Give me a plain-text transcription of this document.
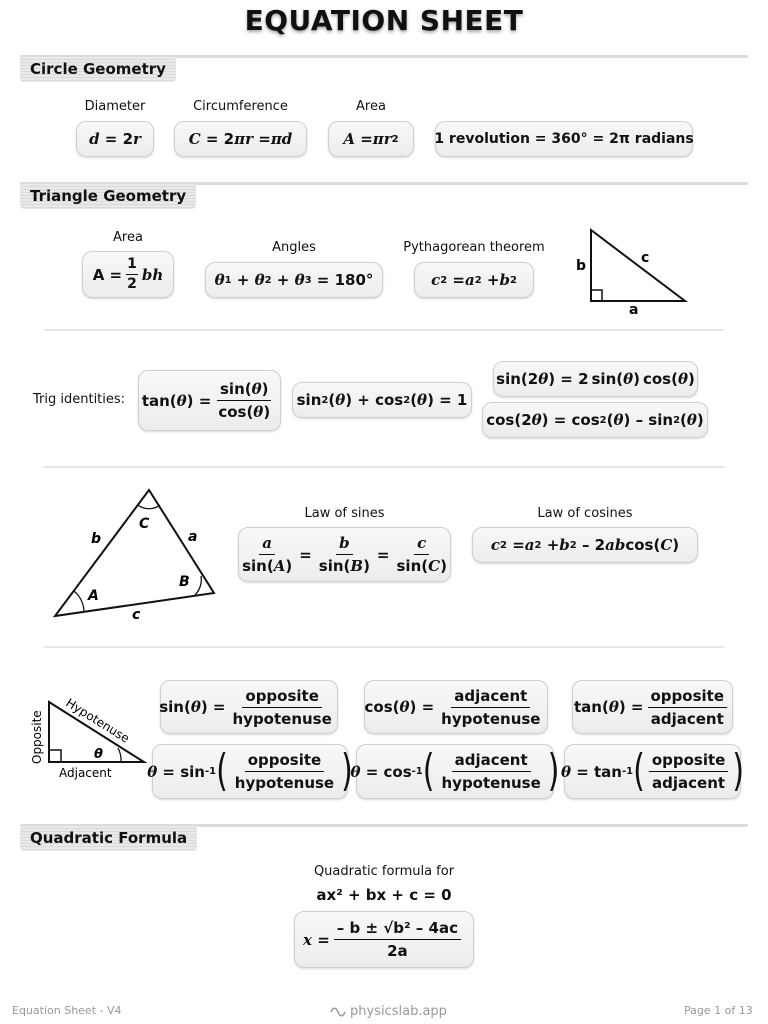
EQUATION SHEET
Circle Geometry
Diameter
d = 2 r
Circumference
C = 2 πr = πd
Area
A = πr 2	1 revolution = 360° = 2π radians
Triangle Geometry
Area
$A = \frac{1}{2}$ bh
Angles
θ 1 + θ 2 + θ 3 = 180°
Pythagorean theorem
c 2 = a 2 + b 2
b	c
a
Trig identities: tan( θ ) = $\frac{\sin(\theta)}{\cos(\theta)}$	sin 2 ( θ ) + cos 2 ( θ ) = 1
sin(2 θ ) = 2 sin( θ ) cos( θ )
cos(2 θ ) = cos 2 ( θ ) – sin 2 ( θ )
C
A
B
b	a
c
Law of sines
$\frac{a}{\sin(A)} = \frac{b}{\sin(B)} = \frac{c}{\sin(C)}$
Law of cosines
c 2 = a 2 + b 2 – 2 ab cos( C )
θ
Opposite
Adjacent
Hypotenuse sin( θ ) = $\frac{\text{opposite}}{\text{hypotenuse}} \cos$( θ ) = $\frac{\text{adjacent}}{\text{hypotenuse}} \tan$( θ ) = $\frac{\text{opposite}}{\text{adjacent}}$
θ = sin -1 ( $\frac{\text{opposite}}{\text{hypotenuse}}$ )
θ = cos -1 ( $\frac{\text{adjacent}}{\text{hypotenuse}}$ ) θ = tan -1 ( $\frac{\text{opposite}}{\text{adjacent}}$ )
Quadratic Formula
Quadratic formula for
ax² + bx + c = 0
$x = \frac{\text{– b ± √b² – 4ac}}{2a}$
Equation Sheet - V4	physicslab.app	Page 1 of 13
